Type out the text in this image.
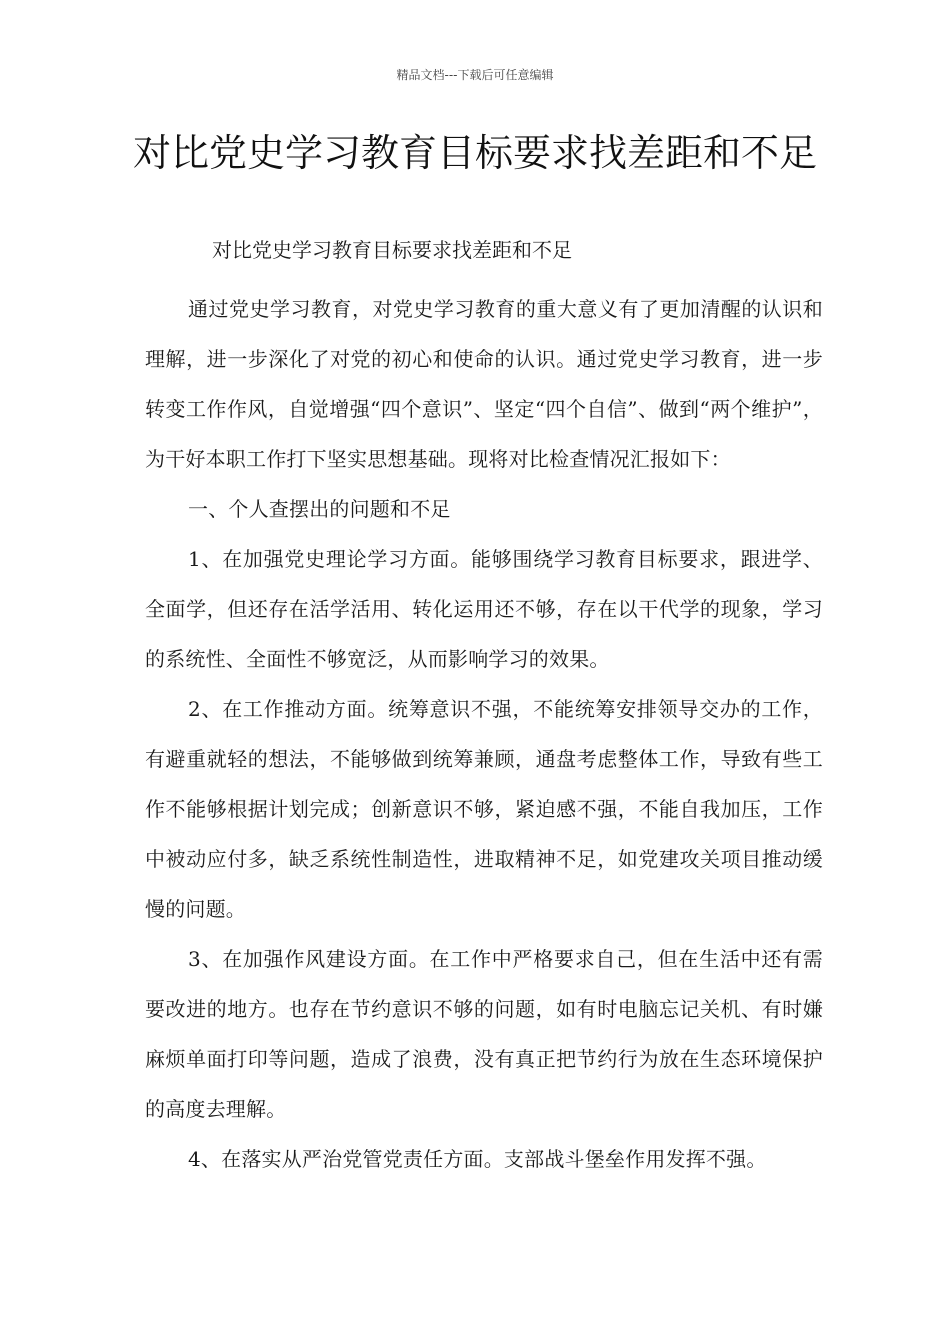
精品文档---下载后可任意编辑
对比党史学习教育目标要求找差距和不足

对比党史学习教育目标要求找差距和不足

通过党史学习教育，对党史学习教育的重大意义有了更加清醒的认识和理解，进一步深化了对党的初心和使命的认识。通过党史学习教育，进一步转变工作作风，自觉增强“四个意识”、坚定“四个自信”、做到“两个维护”，为干好本职工作打下坚实思想基础。现将对比检查情况汇报如下：

一、个人查摆出的问题和不足

1、在加强党史理论学习方面。能够围绕学习教育目标要求，跟进学、全面学，但还存在活学活用、转化运用还不够，存在以干代学的现象，学习的系统性、全面性不够宽泛，从而影响学习的效果。

2、在工作推动方面。统筹意识不强，不能统筹安排领导交办的工作，有避重就轻的想法，不能够做到统筹兼顾，通盘考虑整体工作，导致有些工作不能够根据计划完成；创新意识不够，紧迫感不强，不能自我加压，工作中被动应付多，缺乏系统性制造性，进取精神不足，如党建攻关项目推动缓慢的问题。

3、在加强作风建设方面。在工作中严格要求自己，但在生活中还有需要改进的地方。也存在节约意识不够的问题，如有时电脑忘记关机、有时嫌麻烦单面打印等问题，造成了浪费，没有真正把节约行为放在生态环境保护的高度去理解。

4、在落实从严治党管党责任方面。支部战斗堡垒作用发挥不强。
